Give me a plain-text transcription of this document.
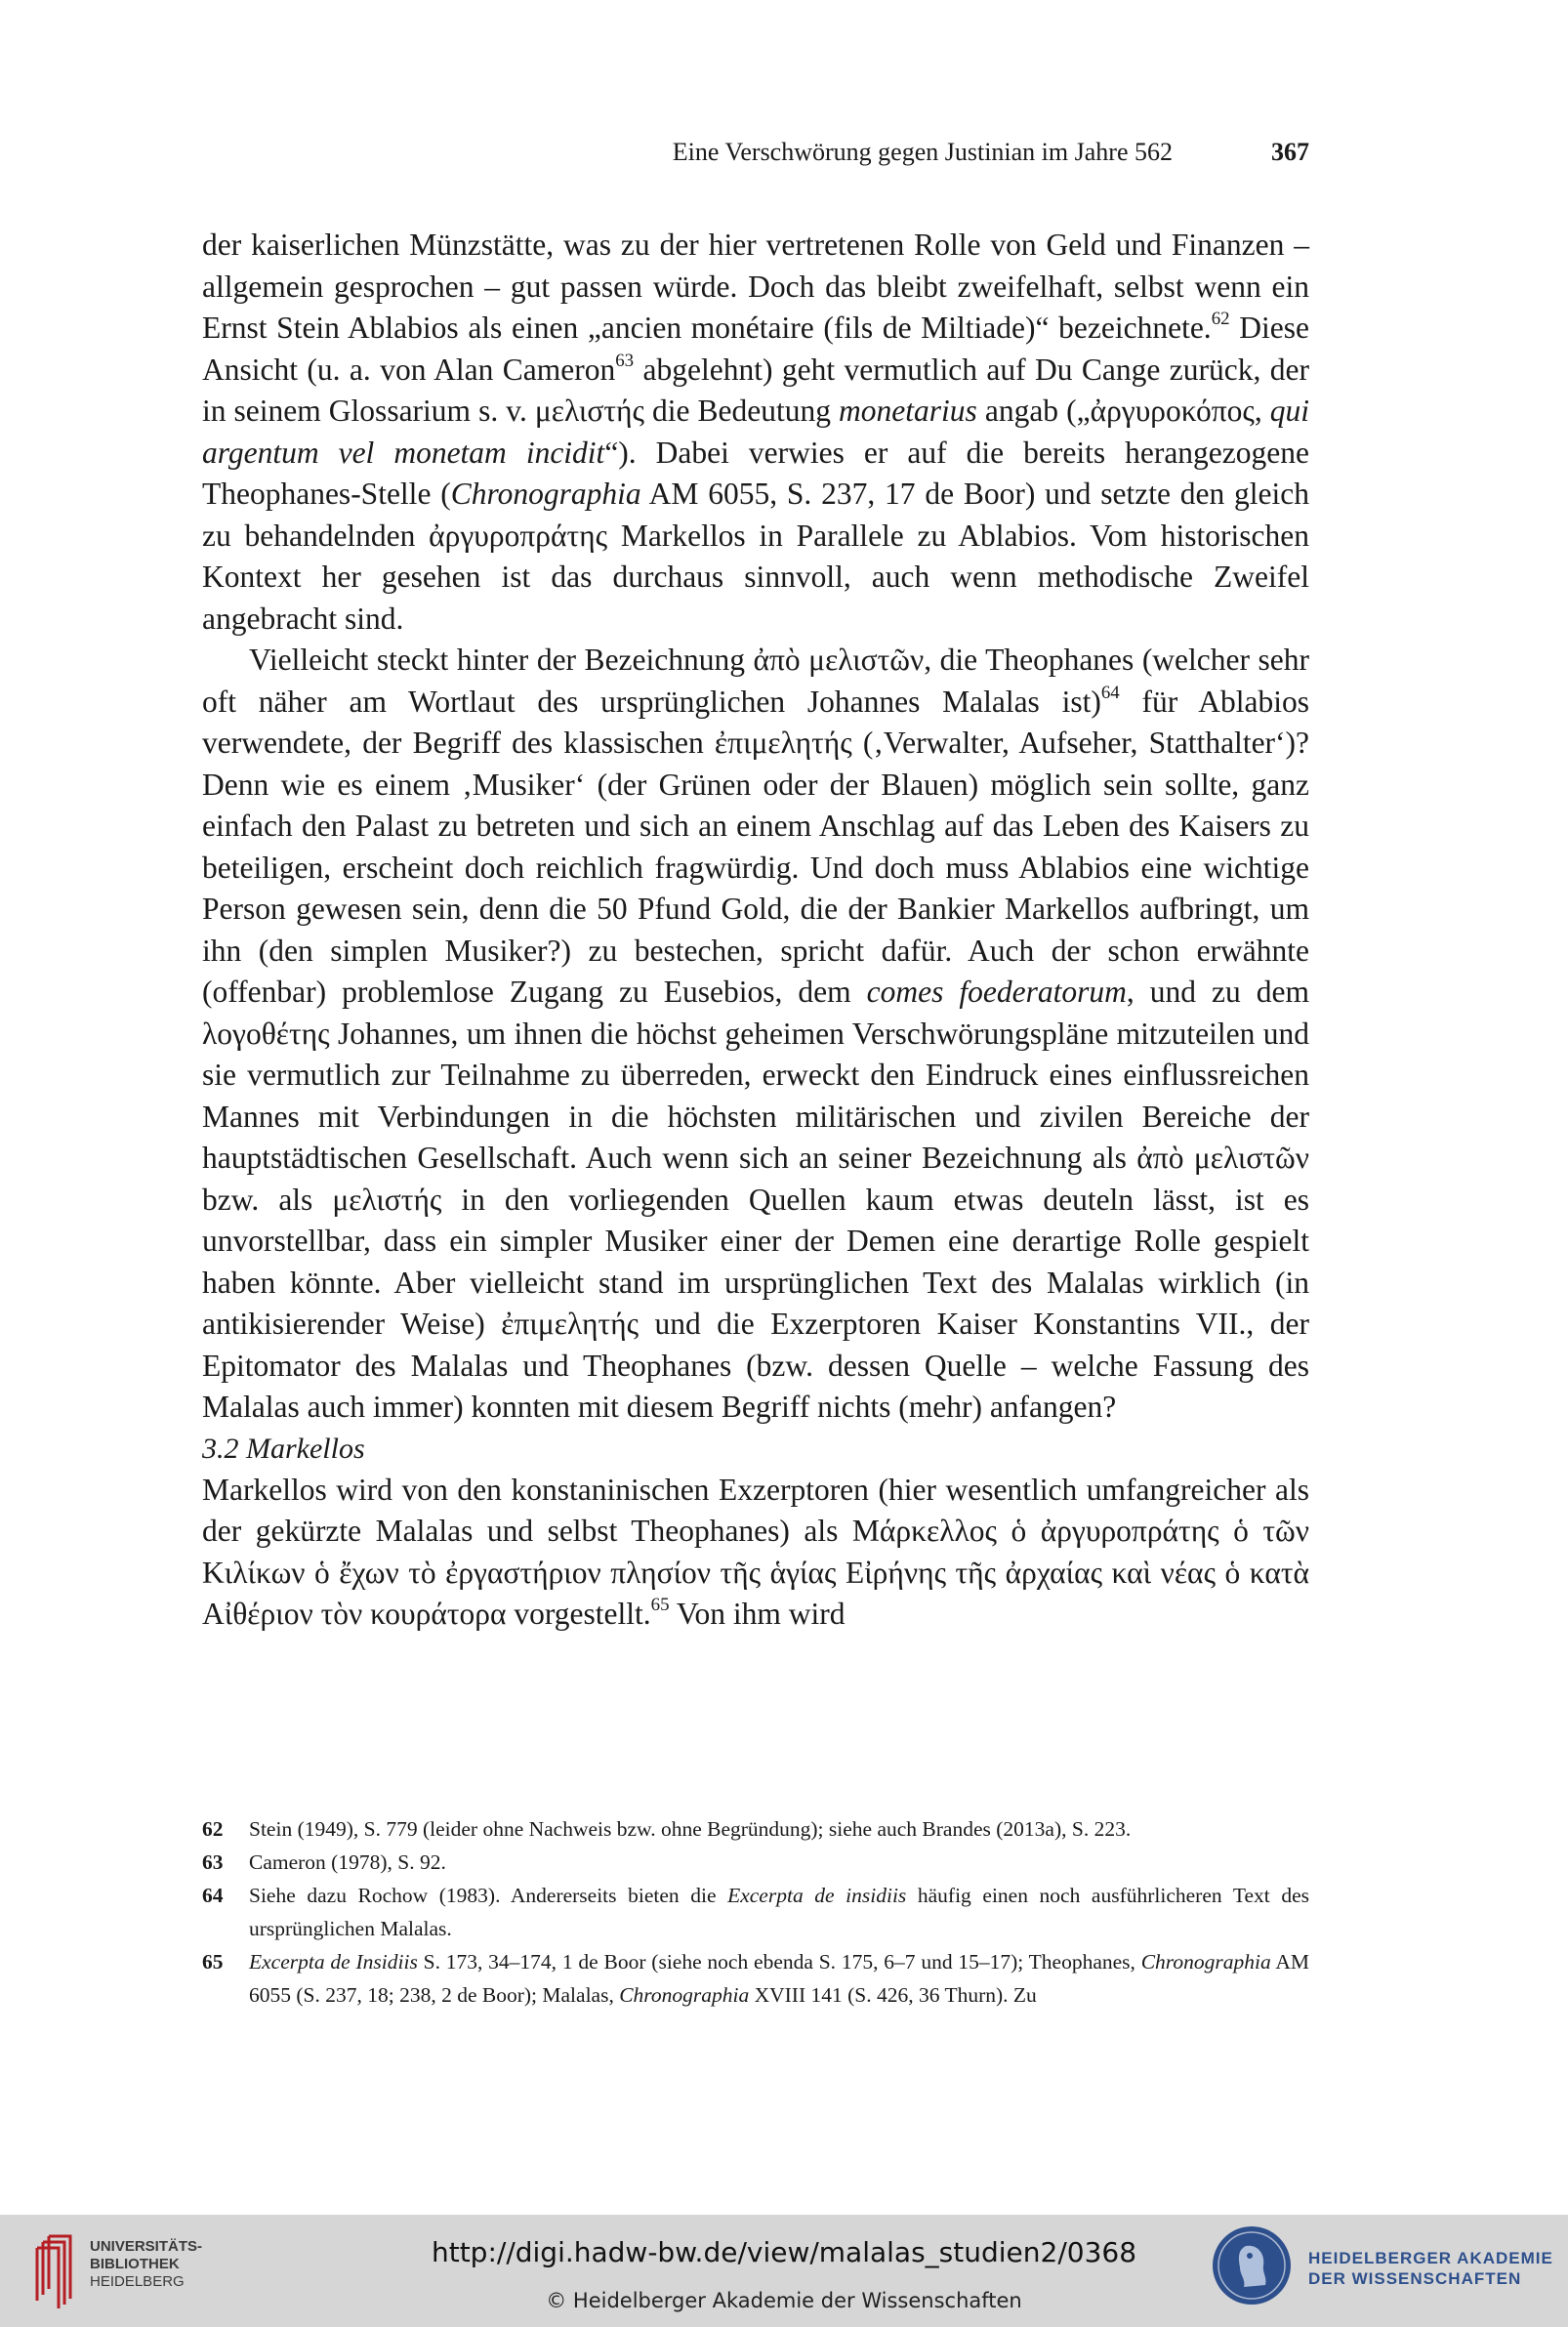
Eine Verschwörung gegen Justinian im Jahre 562	367

der kaiserlichen Münzstätte, was zu der hier vertretenen Rolle von Geld und Finanzen – allgemein gesprochen – gut passen würde. Doch das bleibt zweifelhaft, selbst wenn ein Ernst Stein Ablabios als einen „ancien monétaire (fils de Miltiade)“ bezeichnete.$^{62}$ Diese Ansicht (u. a. von Alan Cameron$^{63}$ abgelehnt) geht vermutlich auf Du Cange zurück, der in seinem Glossarium s. v. μελιστής die Bedeutung monetarius angab („ἀργυροκόπος, qui argentum vel monetam incidit“). Dabei verwies er auf die bereits herangezogene Theophanes-Stelle (Chronographia AM 6055, S. 237, 17 de Boor) und setzte den gleich zu behandelnden ἀργυροπράτης Markellos in Parallele zu Ablabios. Vom historischen Kontext her gesehen ist das durchaus sinnvoll, auch wenn methodische Zweifel angebracht sind.

Vielleicht steckt hinter der Bezeichnung ἀπὸ μελιστῶν, die Theophanes (welcher sehr oft näher am Wortlaut des ursprünglichen Johannes Malalas ist)$^{64}$ für Ablabios verwendete, der Begriff des klassischen ἐπιμελητής (‚Verwalter, Aufseher, Statthalter‘)? Denn wie es einem ‚Musiker‘ (der Grünen oder der Blauen) möglich sein sollte, ganz einfach den Palast zu betreten und sich an einem Anschlag auf das Leben des Kaisers zu beteiligen, erscheint doch reichlich fragwürdig. Und doch muss Ablabios eine wichtige Person gewesen sein, denn die 50 Pfund Gold, die der Bankier Markellos aufbringt, um ihn (den simplen Musiker?) zu bestechen, spricht dafür. Auch der schon erwähnte (offenbar) problemlose Zugang zu Eusebios, dem comes foederatorum, und zu dem λογοθέτης Johannes, um ihnen die höchst geheimen Verschwörungspläne mitzuteilen und sie vermutlich zur Teilnahme zu überreden, erweckt den Eindruck eines einflussreichen Mannes mit Verbindungen in die höchsten militärischen und zivilen Bereiche der hauptstädtischen Gesellschaft. Auch wenn sich an seiner Bezeichnung als ἀπὸ μελιστῶν bzw. als μελιστής in den vorliegenden Quellen kaum etwas deuteln lässt, ist es unvorstellbar, dass ein simpler Musiker einer der Demen eine derartige Rolle gespielt haben könnte. Aber vielleicht stand im ursprünglichen Text des Malalas wirklich (in antikisierender Weise) ἐπιμελητής und die Exzerptoren Kaiser Konstantins VII., der Epitomator des Malalas und Theophanes (bzw. dessen Quelle – welche Fassung des Malalas auch immer) konnten mit diesem Begriff nichts (mehr) anfangen?

3.2 Markellos

Markellos wird von den konstaninischen Exzerptoren (hier wesentlich umfangreicher als der gekürzte Malalas und selbst Theophanes) als Μάρκελλος ὁ ἀργυροπράτης ὁ τῶν Κιλίκων ὁ ἔχων τὸ ἐργαστήριον πλησίον τῆς ἁγίας Εἰρήνης τῆς ἀρχαίας καὶ νέας ὁ κατὰ Αἰθέριον τὸν κουράτορα vorgestellt.$^{65}$ Von ihm wird

62 Stein (1949), S. 779 (leider ohne Nachweis bzw. ohne Begründung); siehe auch Brandes (2013a), S. 223.
63 Cameron (1978), S. 92.
64 Siehe dazu Rochow (1983). Andererseits bieten die Excerpta de insidiis häufig einen noch ausführlicheren Text des ursprünglichen Malalas.
65 Excerpta de Insidiis S. 173, 34–174, 1 de Boor (siehe noch ebenda S. 175, 6–7 und 15–17); Theophanes, Chronographia AM 6055 (S. 237, 18; 238, 2 de Boor); Malalas, Chronographia XVIII 141 (S. 426, 36 Thurn). Zu
UNIVERSITÄTS-
BIBLIOTHEK
HEIDELBERG
http://digi.hadw-bw.de/view/malalas_studien2/0368
© Heidelberger Akademie der Wissenschaften
HEIDELBERGER AKADEMIE
DER WISSENSCHAFTEN
